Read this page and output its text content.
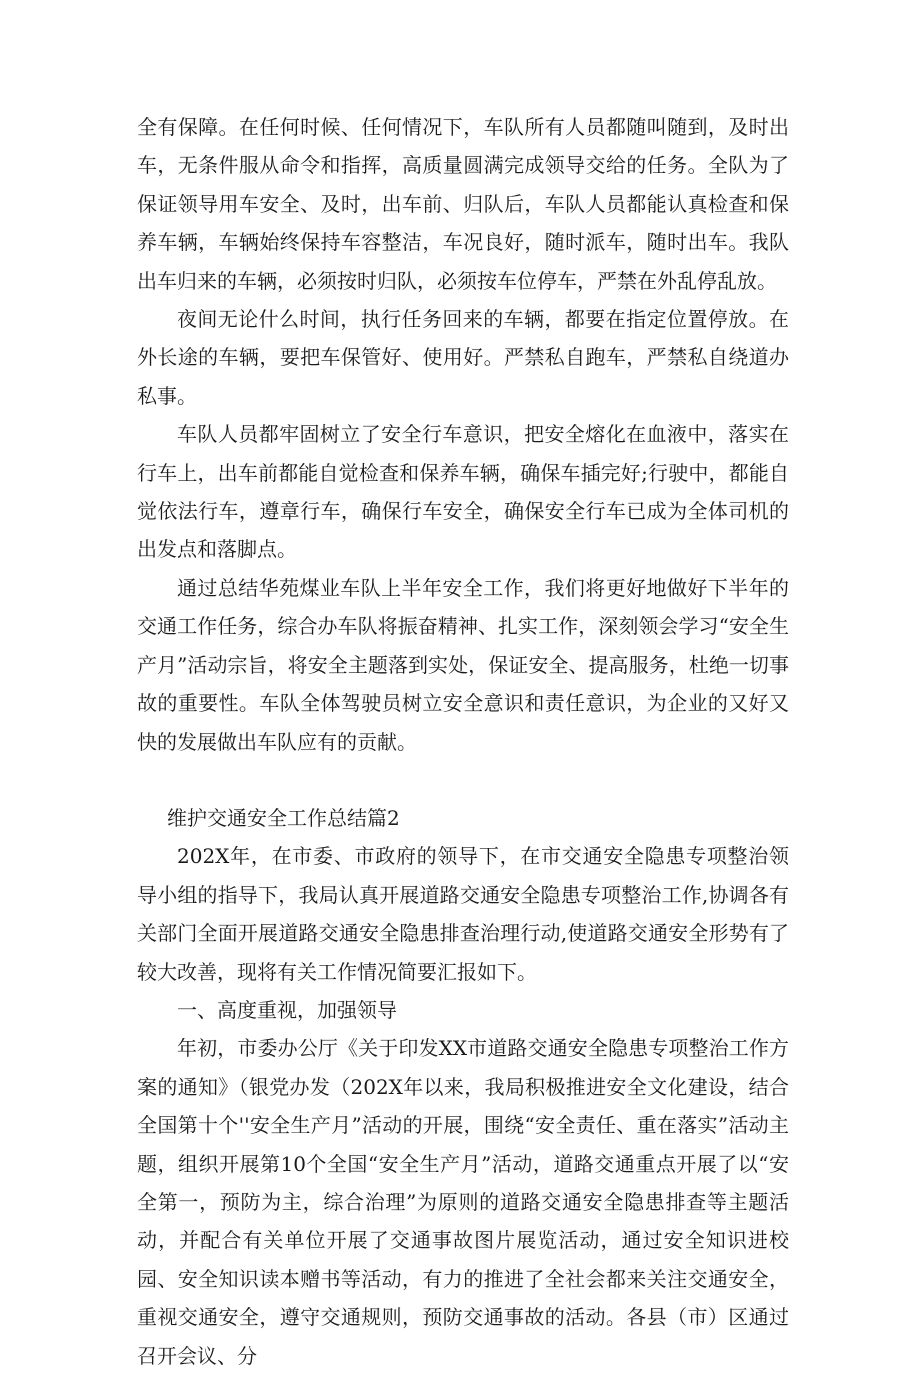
全有保障。在任何时候、任何情况下，车队所有人员都随叫随到，及时出车，无条件服从命令和指挥，高质量圆满完成领导交给的任务。全队为了保证领导用车安全、及时，出车前、归队后，车队人员都能认真检查和保养车辆，车辆始终保持车容整洁，车况良好，随时派车，随时出车。我队出车归来的车辆，必须按时归队，必须按车位停车，严禁在外乱停乱放。

夜间无论什么时间，执行任务回来的车辆，都要在指定位置停放。在外长途的车辆，要把车保管好、使用好。严禁私自跑车，严禁私自绕道办私事。

车队人员都牢固树立了安全行车意识，把安全熔化在血液中，落实在行车上，出车前都能自觉检查和保养车辆，确保车插完好;行驶中，都能自觉依法行车，遵章行车，确保行车安全，确保安全行车已成为全体司机的出发点和落脚点。

通过总结华苑煤业车队上半年安全工作，我们将更好地做好下半年的交通工作任务，综合办车队将振奋精神、扎实工作，深刻领会学习“安全生产月”活动宗旨，将安全主题落到实处，保证安全、提高服务，杜绝一切事故的重要性。车队全体驾驶员树立安全意识和责任意识，为企业的又好又快的发展做出车队应有的贡献。

维护交通安全工作总结篇2

202X年，在市委、市政府的领导下，在市交通安全隐患专项整治领导小组的指导下，我局认真开展道路交通安全隐患专项整治工作,协调各有关部门全面开展道路交通安全隐患排查治理行动,使道路交通安全形势有了较大改善，现将有关工作情况简要汇报如下。

一、高度重视，加强领导

年初，市委办公厅《关于印发XX市道路交通安全隐患专项整治工作方案的通知》（银党办发（202X年以来，我局积极推进安全文化建设，结合全国第十个''安全生产月”活动的开展，围绕“安全责任、重在落实”活动主题，组织开展第10个全国“安全生产月”活动，道路交通重点开展了以“安全第一，预防为主，综合治理”为原则的道路交通安全隐患排查等主题活动，并配合有关单位开展了交通事故图片展览活动，通过安全知识进校园、安全知识读本赠书等活动，有力的推进了全社会都来关注交通安全，重视交通安全，遵守交通规则，预防交通事故的活动。各县（市）区通过召开会议、分
